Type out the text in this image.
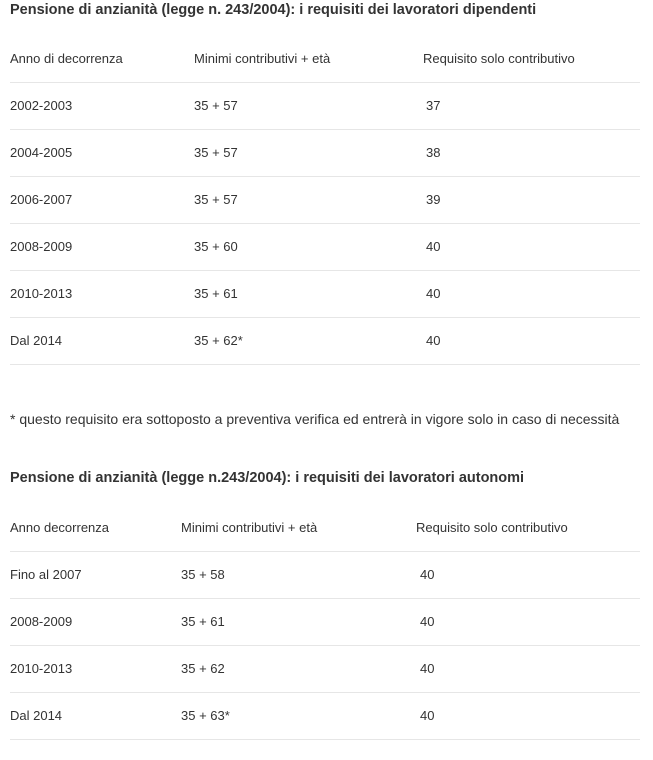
Pensione di anzianità (legge n. 243/2004): i requisiti dei lavoratori dipendenti
Anno di decorrenza	Minimi contributivi + età	Requisito solo contributivo
2002-2003	35 + 57	37
2004-2005	35 + 57	38
2006-2007	35 + 57	39
2008-2009	35 + 60	40
2010-2013	35 + 61	40
Dal 2014	35 + 62*	40
* questo requisito era sottoposto a preventiva verifica ed entrerà in vigore solo in caso di necessità
Pensione di anzianità (legge n.243/2004): i requisiti dei lavoratori autonomi
Anno decorrenza	Minimi contributivi + età	Requisito solo contributivo
Fino al 2007	35 + 58	40
2008-2009	35 + 61	40
2010-2013	35 + 62	40
Dal 2014	35 + 63*	40
